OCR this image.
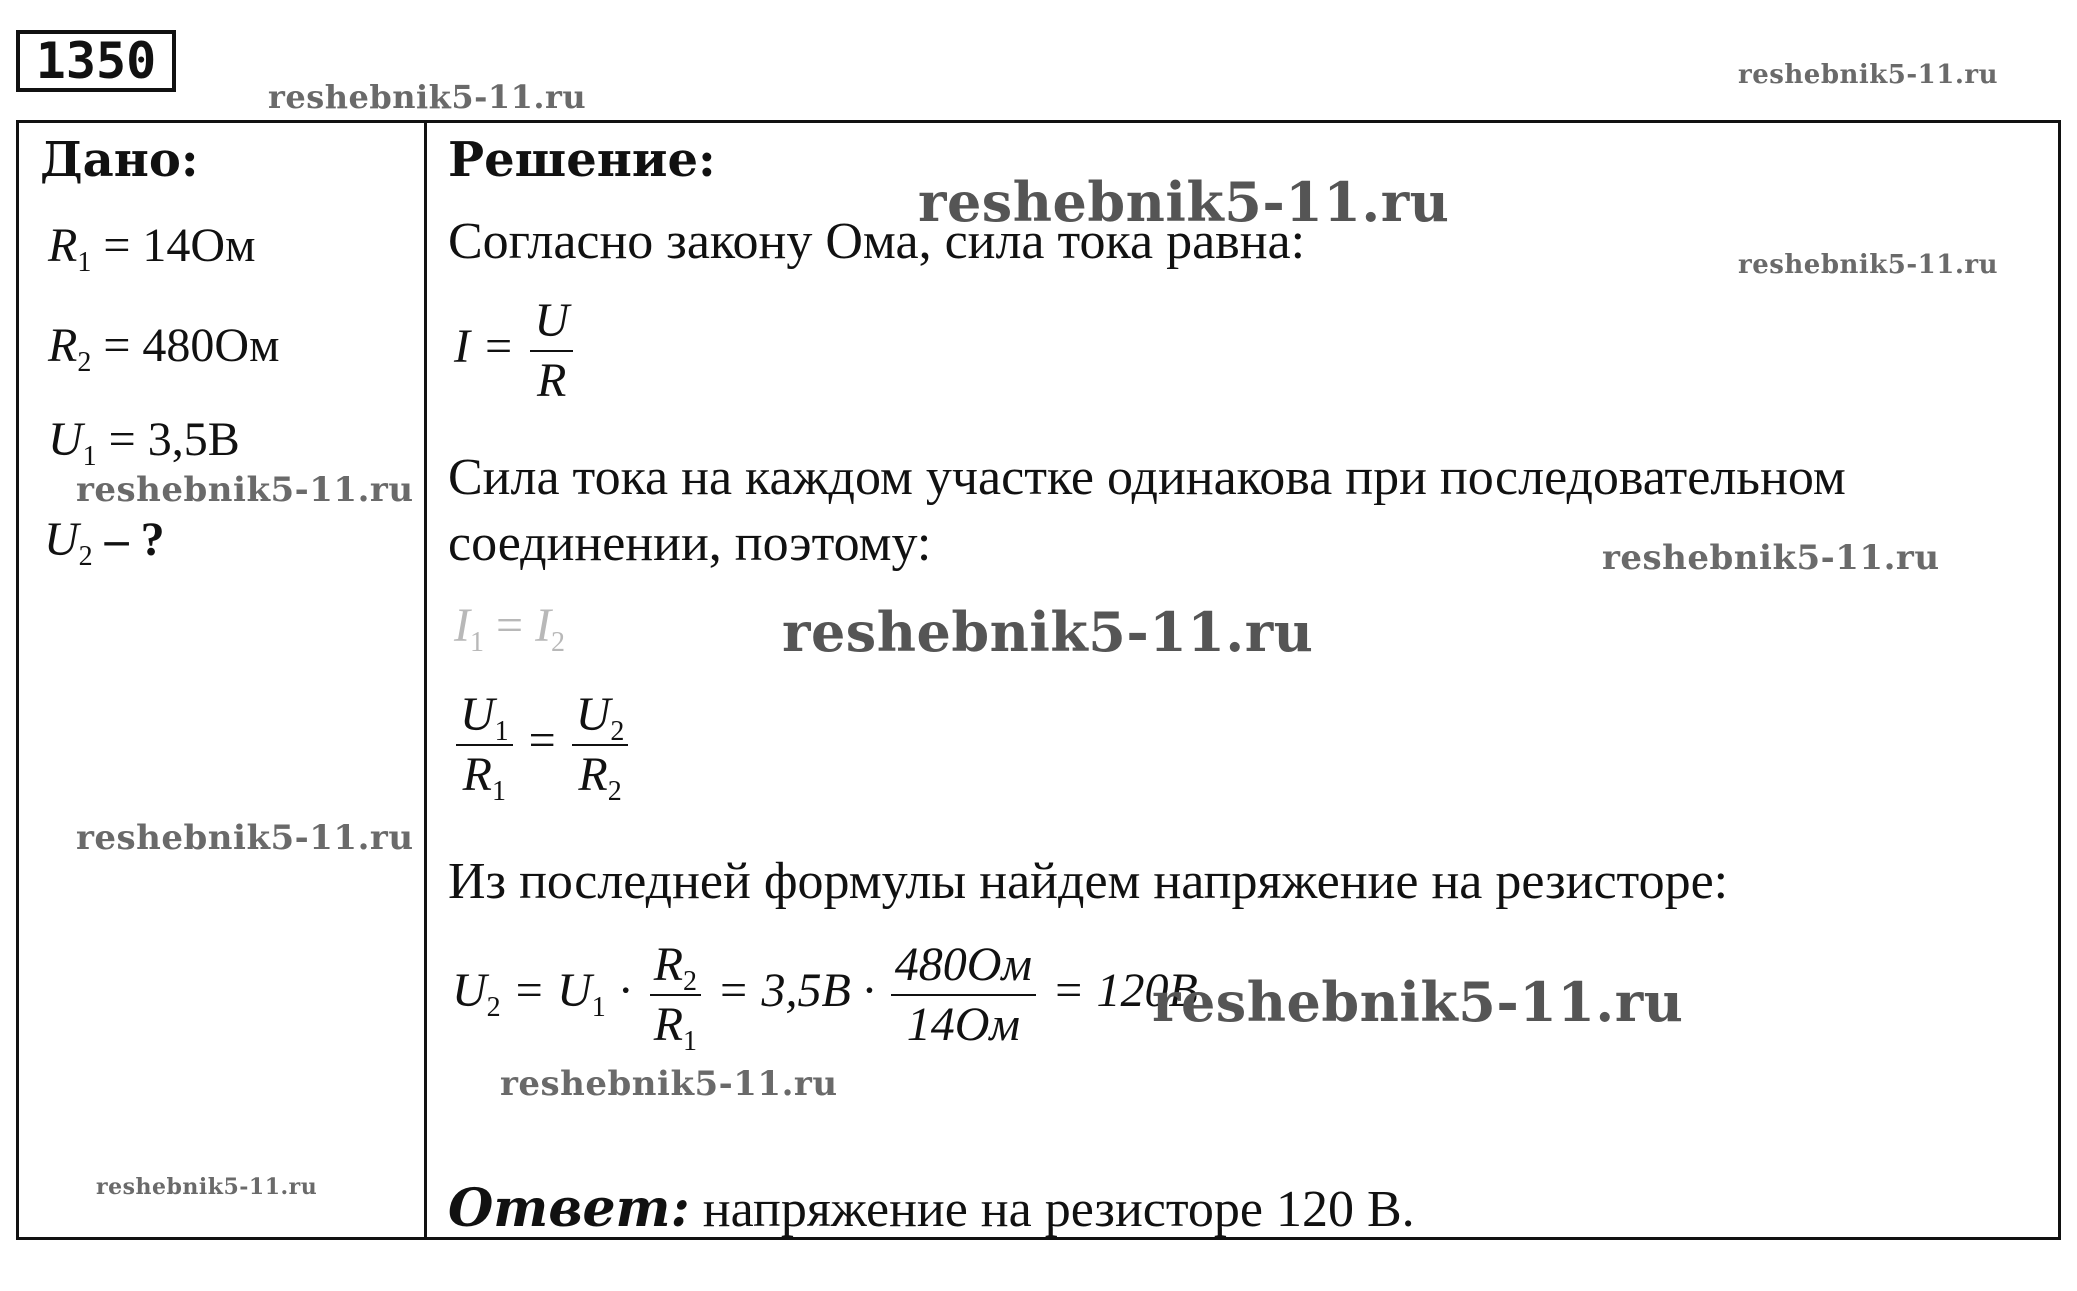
1350
Дано:	Решение:
$R_1 = 14Ом$
$R_2 = 480Ом$
$U_1 = 3,5B$
$U_2$ – ?
Согласно закону Ома, сила тока равна:
$I = \frac{U}{R}$
Сила тока на каждом участке одинакова при последовательном
соединении, поэтому:
$I_1 = I_2$
$\frac{U_1}{R_1} = \frac{U_2}{R_2}$
Из последней формулы найдем напряжение на резисторе:
$U_2 = U_1 \cdot \frac{R_2}{R_1} = 3,5B \cdot \frac{480Ом}{14Ом} = 120B$
Ответ: напряжение на резисторе 120 В.
reshebnik5-11.ru
reshebnik5-11.ru
reshebnik5-11.ru
reshebnik5-11.ru
reshebnik5-11.ru
reshebnik5-11.ru
reshebnik5-11.ru
reshebnik5-11.ru
reshebnik5-11.ru
reshebnik5-11.ru
reshebnik5-11.ru
